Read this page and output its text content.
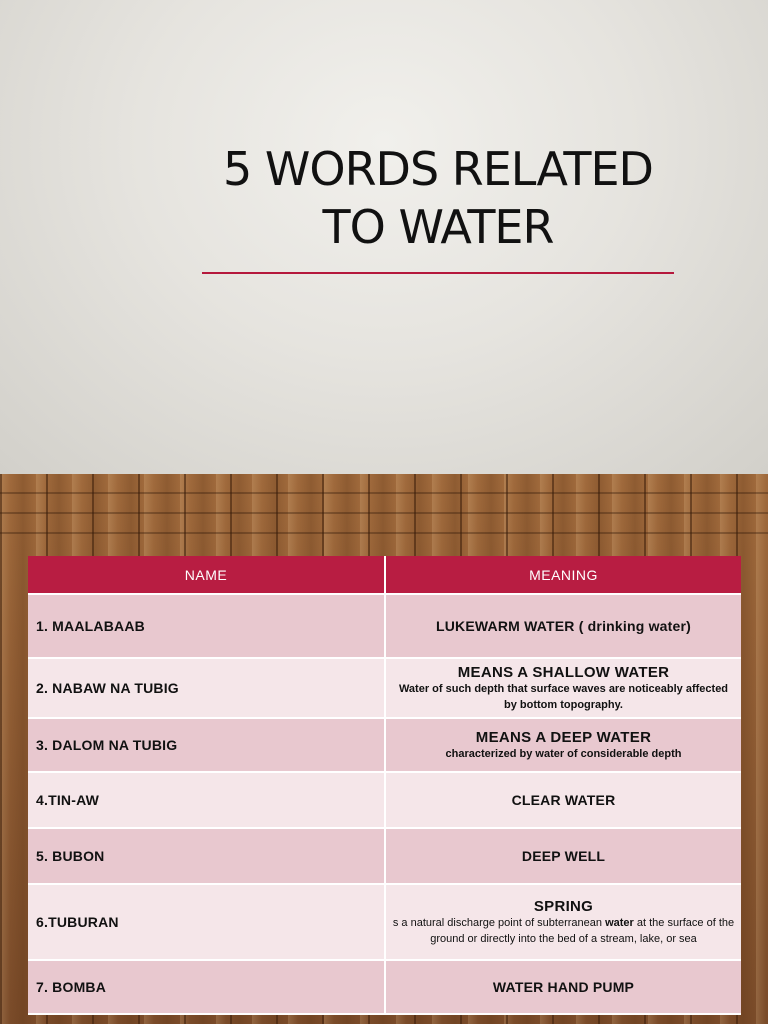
5 WORDS RELATED
TO WATER
NAME	MEANING
1. MAALABAAB	LUKEWARM WATER ( drinking water)
2. NABAW NA TUBIG	MEANS A SHALLOW WATER
Water of such depth that surface waves are noticeably affected by bottom topography.

3. DALOM NA TUBIG	MEANS A DEEP WATER
characterized by water of considerable depth

4.TIN-AW	CLEAR WATER
5. BUBON	DEEP WELL
6.TUBURAN	SPRING
s a natural discharge point of subterranean water at the surface of the ground or directly into the bed of a stream, lake, or sea

7. BOMBA	WATER HAND PUMP
